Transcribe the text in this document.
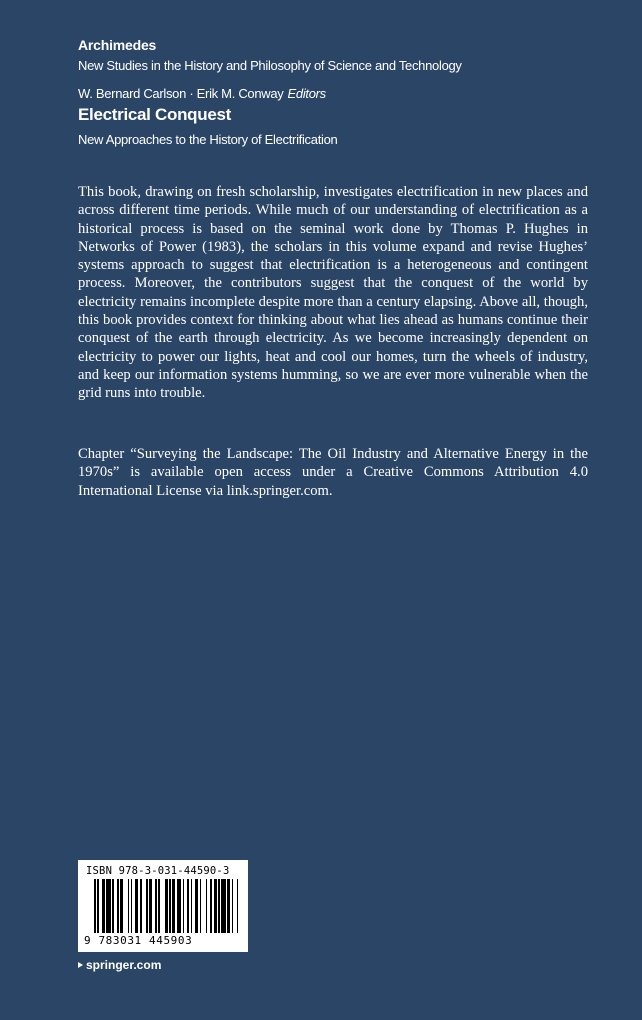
Archimedes
New Studies in the History and Philosophy of Science and Technology
W. Bernard Carlson · Erik M. Conway Editors
Electrical Conquest
New Approaches to the History of Electrification

This book, drawing on fresh scholarship, investigates electrification in new places and across different time periods. While much of our understanding of electrification as a historical process is based on the seminal work done by Thomas P. Hughes in Networks of Power (1983), the scholars in this volume expand and revise Hughes’ systems approach to suggest that electrification is a heterogeneous and contingent process. Moreover, the contributors suggest that the conquest of the world by electricity remains incomplete despite more than a century elapsing. Above all, though, this book provides context for thinking about what lies ahead as humans continue their conquest of the earth through electricity. As we become increasingly dependent on electricity to power our lights, heat and cool our homes, turn the wheels of industry, and keep our information systems humming, so we are ever more vulnerable when the grid runs into trouble.

Chapter “Surveying the Landscape: The Oil Industry and Alternative Energy in the 1970s” is available open access under a Creative Commons Attribution 4.0 International License via link.springer.com.

ISBN 978-3-031-44590-3
9 783031 445903
springer.com
